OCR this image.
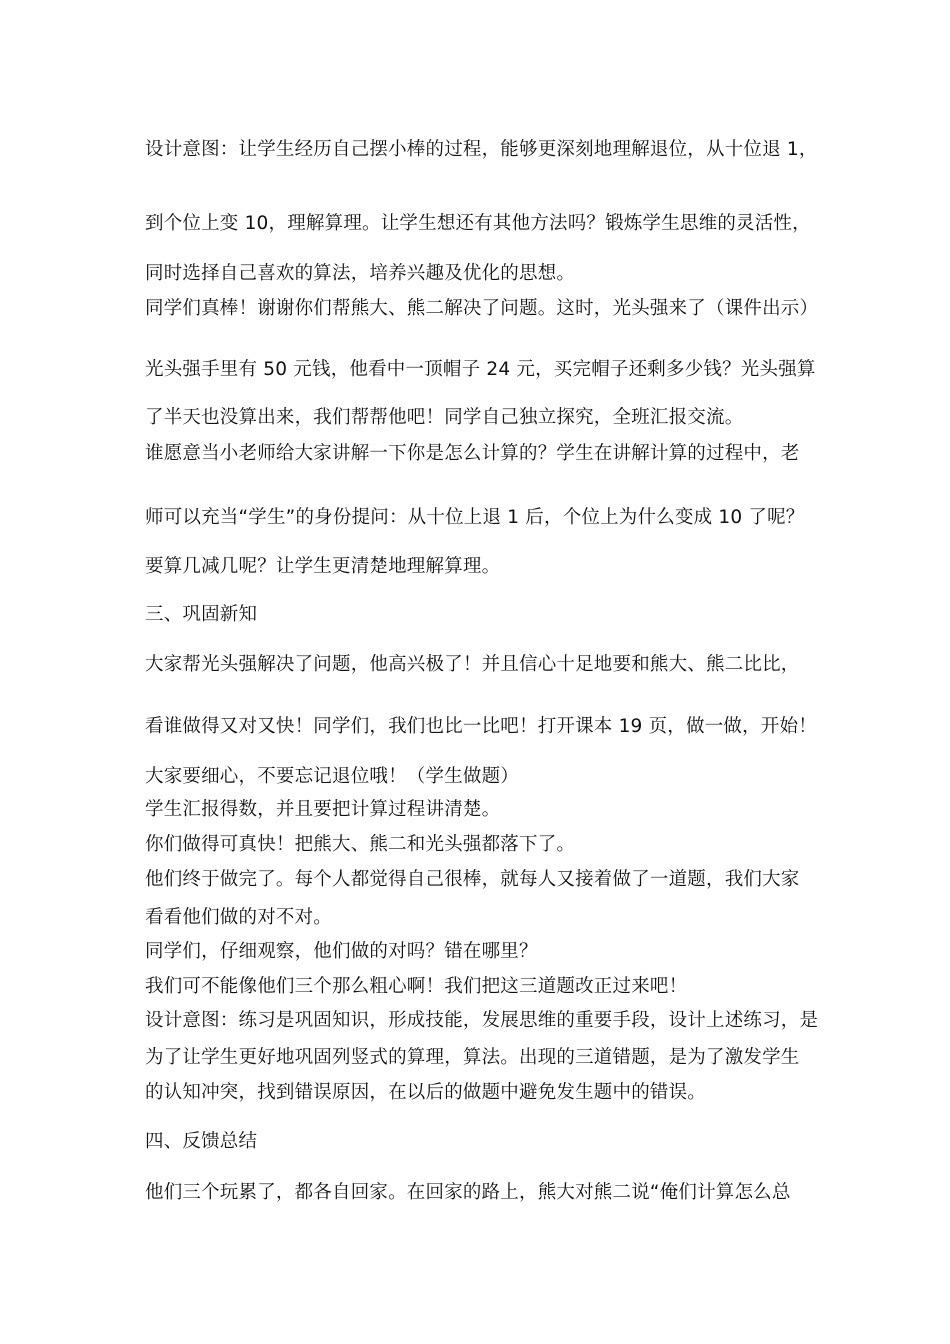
设计意图：让学生经历自己摆小棒的过程，能够更深刻地理解退位，从十位退 1，
到个位上变 10，理解算理。让学生想还有其他方法吗？锻炼学生思维的灵活性，
同时选择自己喜欢的算法，培养兴趣及优化的思想。
同学们真棒！谢谢你们帮熊大、熊二解决了问题。这时，光头强来了（课件出示）
光头强手里有 50 元钱，他看中一顶帽子 24 元，买完帽子还剩多少钱？光头强算
了半天也没算出来，我们帮帮他吧！同学自己独立探究，全班汇报交流。
谁愿意当小老师给大家讲解一下你是怎么计算的？学生在讲解计算的过程中，老
师可以充当“学生”的身份提问：从十位上退 1 后，个位上为什么变成 10 了呢？
要算几减几呢？让学生更清楚地理解算理。
三、巩固新知
大家帮光头强解决了问题，他高兴极了！并且信心十足地要和熊大、熊二比比，
看谁做得又对又快！同学们，我们也比一比吧！打开课本 19 页，做一做，开始！
大家要细心，不要忘记退位哦！（学生做题）
学生汇报得数，并且要把计算过程讲清楚。
你们做得可真快！把熊大、熊二和光头强都落下了。
他们终于做完了。每个人都觉得自己很棒，就每人又接着做了一道题，我们大家
看看他们做的对不对。
同学们，仔细观察，他们做的对吗？错在哪里？
我们可不能像他们三个那么粗心啊！我们把这三道题改正过来吧！
设计意图：练习是巩固知识，形成技能，发展思维的重要手段，设计上述练习，是
为了让学生更好地巩固列竖式的算理，算法。出现的三道错题，是为了激发学生
的认知冲突，找到错误原因，在以后的做题中避免发生题中的错误。
四、反馈总结
他们三个玩累了，都各自回家。在回家的路上，熊大对熊二说“俺们计算怎么总
